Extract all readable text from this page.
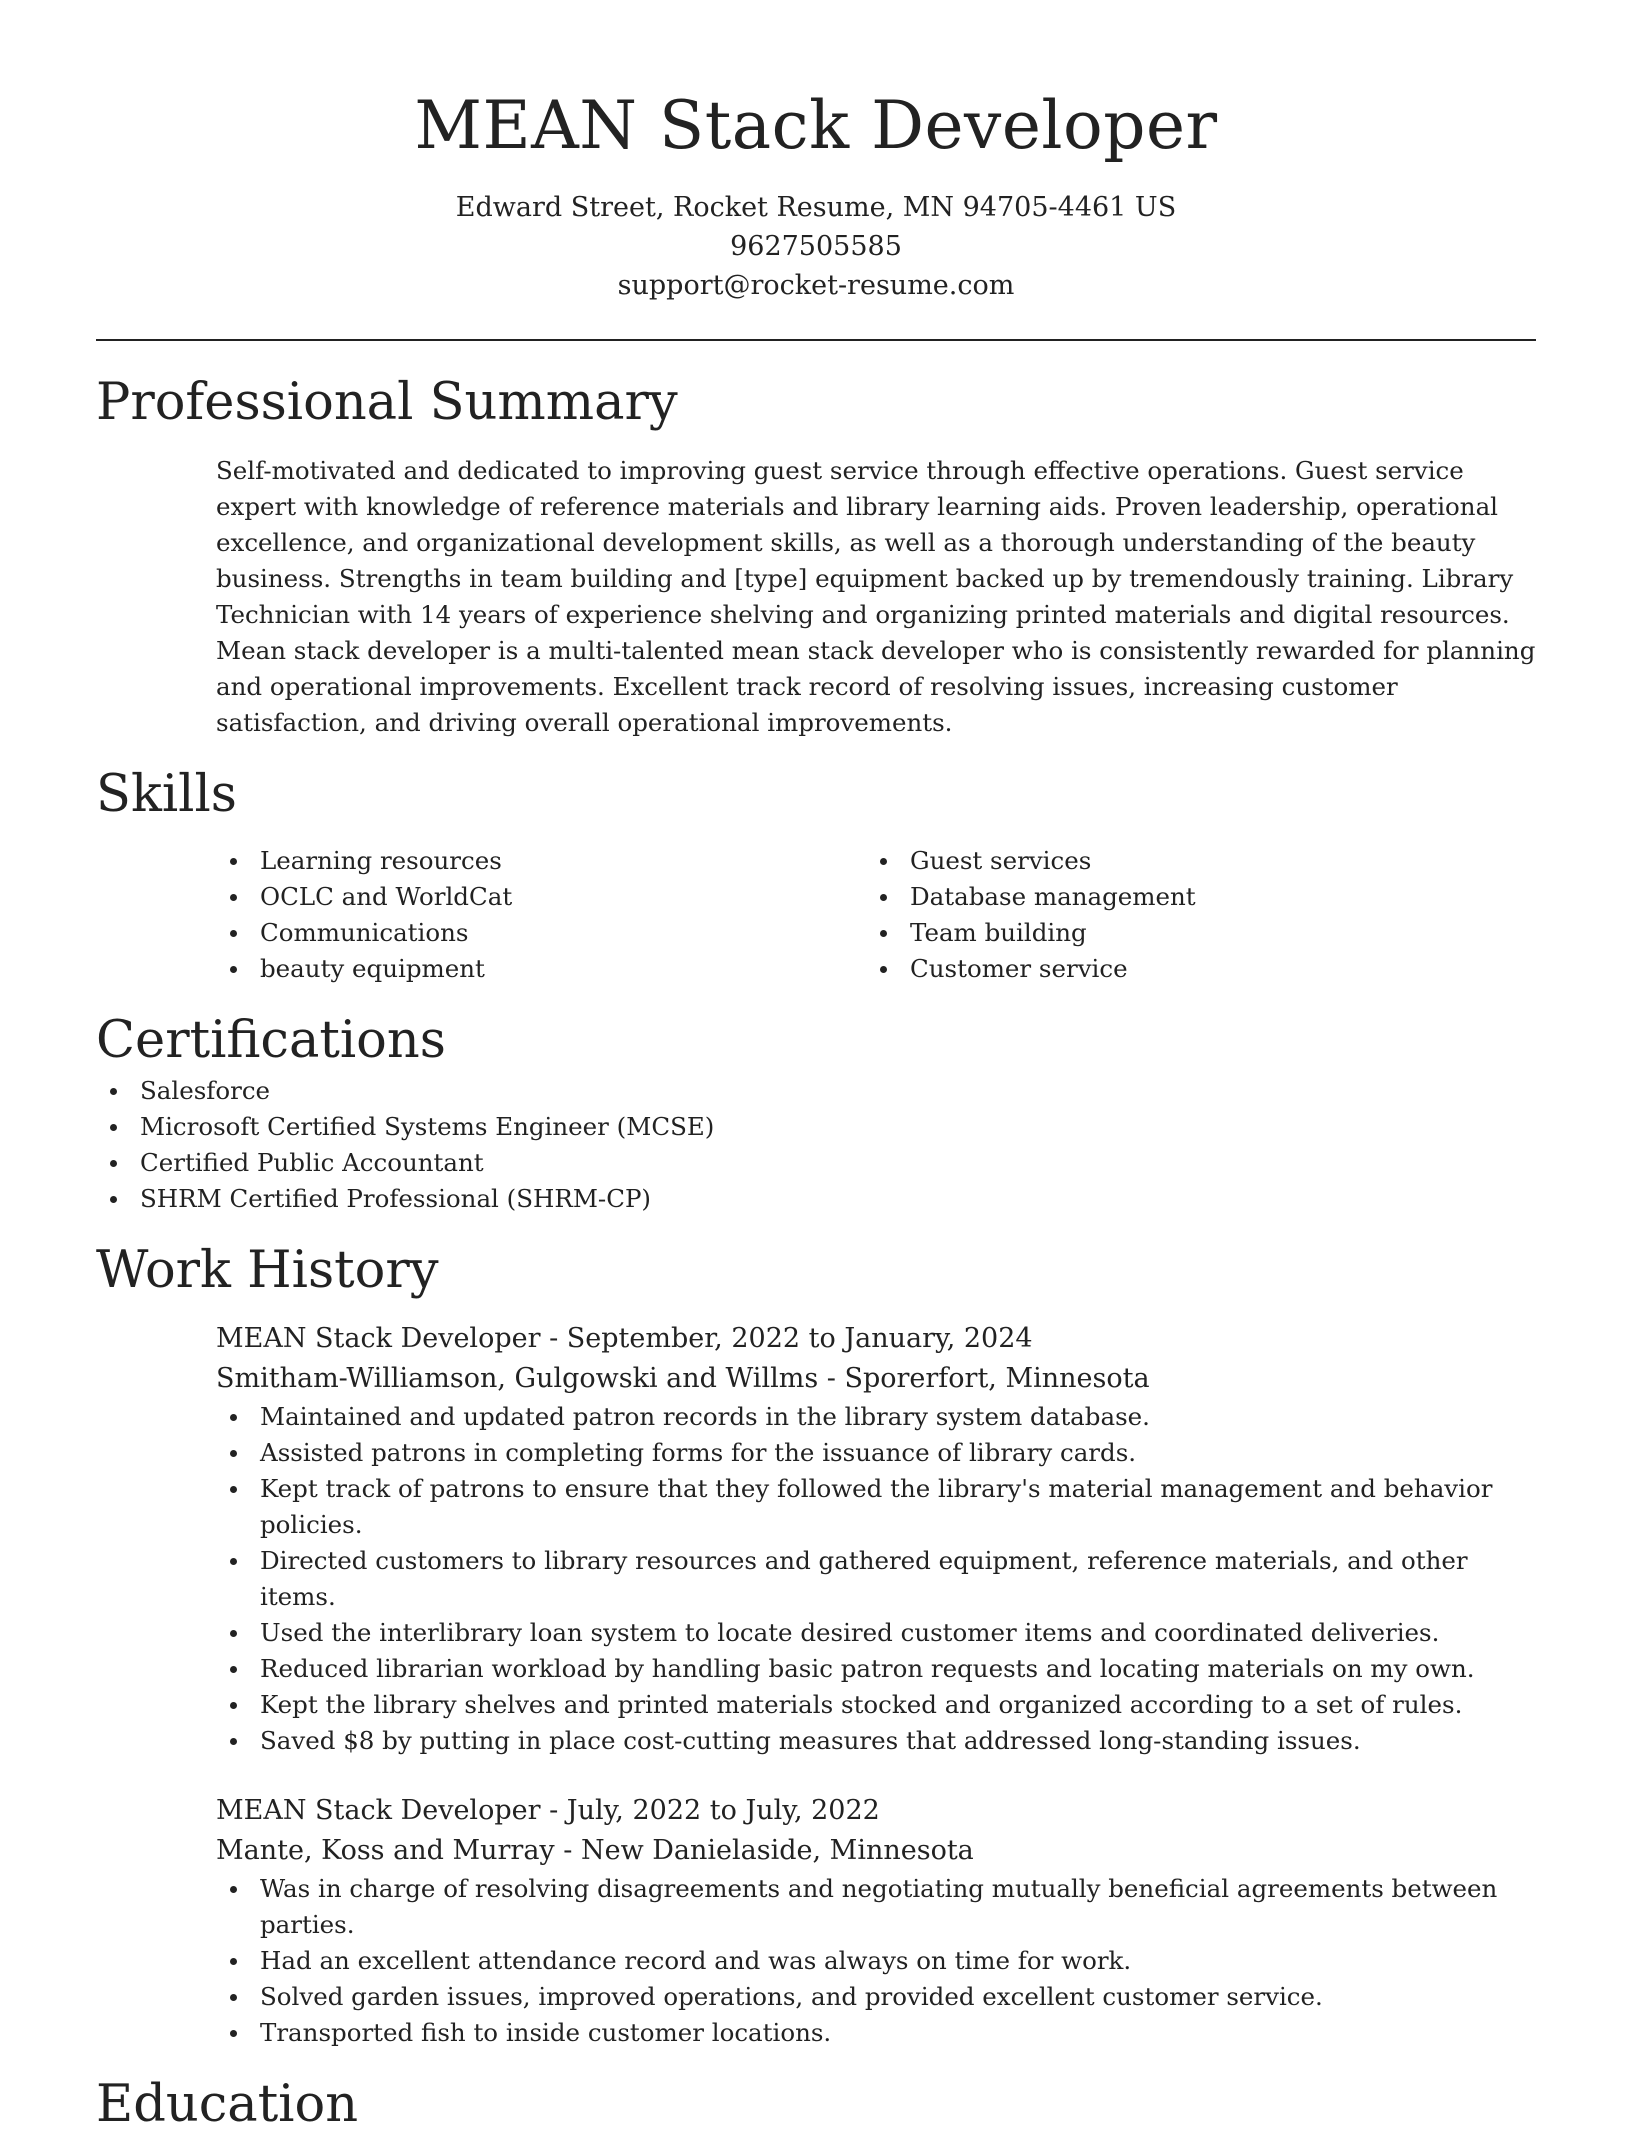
MEAN Stack Developer

Edward Street, Rocket Resume, MN 94705-4461 US

9627505585

support@rocket-resume.com

Professional Summary

Self-motivated and dedicated to improving guest service through effective operations. Guest service expert with knowledge of reference materials and library learning aids. Proven leadership, operational excellence, and organizational development skills, as well as a thorough understanding of the beauty business. Strengths in team building and [type] equipment backed up by tremendously training. Library Technician with 14 years of experience shelving and organizing printed materials and digital resources. Mean stack developer is a multi-talented mean stack developer who is consistently rewarded for planning and operational improvements. Excellent track record of resolving issues, increasing customer satisfaction, and driving overall operational improvements.

Skills
Learning resources
OCLC and WorldCat
Communications
beauty equipment
Guest services
Database management
Team building
Customer service
Certifications
Salesforce
Microsoft Certified Systems Engineer (MCSE)
Certified Public Accountant
SHRM Certified Professional (SHRM-CP)
Work History
MEAN Stack Developer - September, 2022 to January, 2024
Smitham-Williamson, Gulgowski and Willms - Sporerfort, Minnesota
Maintained and updated patron records in the library system database.
Assisted patrons in completing forms for the issuance of library cards.
Kept track of patrons to ensure that they followed the library's material management and behavior policies.
Directed customers to library resources and gathered equipment, reference materials, and other items.
Used the interlibrary loan system to locate desired customer items and coordinated deliveries.
Reduced librarian workload by handling basic patron requests and locating materials on my own.
Kept the library shelves and printed materials stocked and organized according to a set of rules.
Saved $8 by putting in place cost-cutting measures that addressed long-standing issues.
MEAN Stack Developer - July, 2022 to July, 2022
Mante, Koss and Murray - New Danielaside, Minnesota
Was in charge of resolving disagreements and negotiating mutually beneficial agreements between parties.
Had an excellent attendance record and was always on time for work.
Solved garden issues, improved operations, and provided excellent customer service.
Transported fish to inside customer locations.
Education
